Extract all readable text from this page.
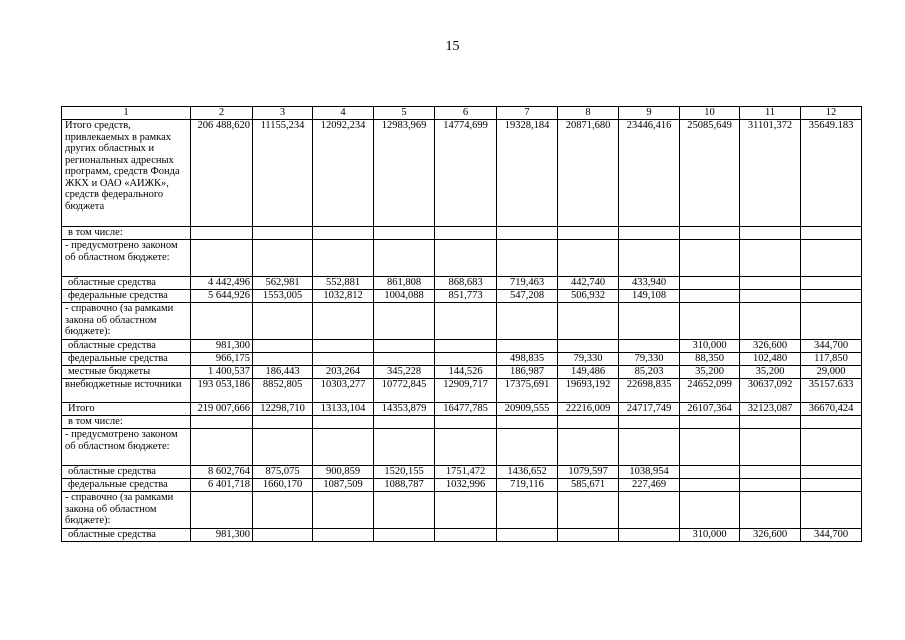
15
1	2	3	4	5	6	7	8	9	10	11	12
Итого средств, привлекаемых в рамках других областных и региональных адресных программ, средств Фонда ЖКХ и ОАО «АИЖК», средств федерального бюджета	206 488,620	11155,234	12092,234	12983,969	14774,699	19328,184	20871,680	23446,416	25085,649	31101,372	35649.183
в том числе:											
- предусмотрено законом об областном бюджете:											
областные средства	4 442,496	562,981	552,881	861,808	868,683	719,463	442,740	433,940			
федеральные средства	5 644,926	1553,005	1032,812	1004,088	851,773	547,208	506,932	149,108			
- справочно (за рамками закона об областном бюджете):											
областные средства	981,300								310,000	326,600	344,700
федеральные средства	966,175					498,835	79,330	79,330	88,350	102,480	117,850
местные бюджеты	1 400,537	186,443	203,264	345,228	144,526	186,987	149,486	85,203	35,200	35,200	29,000
внебюджетные источники	193 053,186	8852,805	10303,277	10772,845	12909,717	17375,691	19693,192	22698,835	24652,099	30637,092	35157.633
Итого	219 007,666	12298,710	13133,104	14353,879	16477,785	20909,555	22216,009	24717,749	26107,364	32123,087	36670,424
в том числе:											
- предусмотрено законом об областном бюджете:											
областные средства	8 602,764	875,075	900,859	1520,155	1751,472	1436,652	1079,597	1038,954			
федеральные средства	6 401,718	1660,170	1087,509	1088,787	1032,996	719,116	585,671	227,469			
- справочно (за рамками закона об областном бюджете):											
областные средства	981,300								310,000	326,600	344,700
